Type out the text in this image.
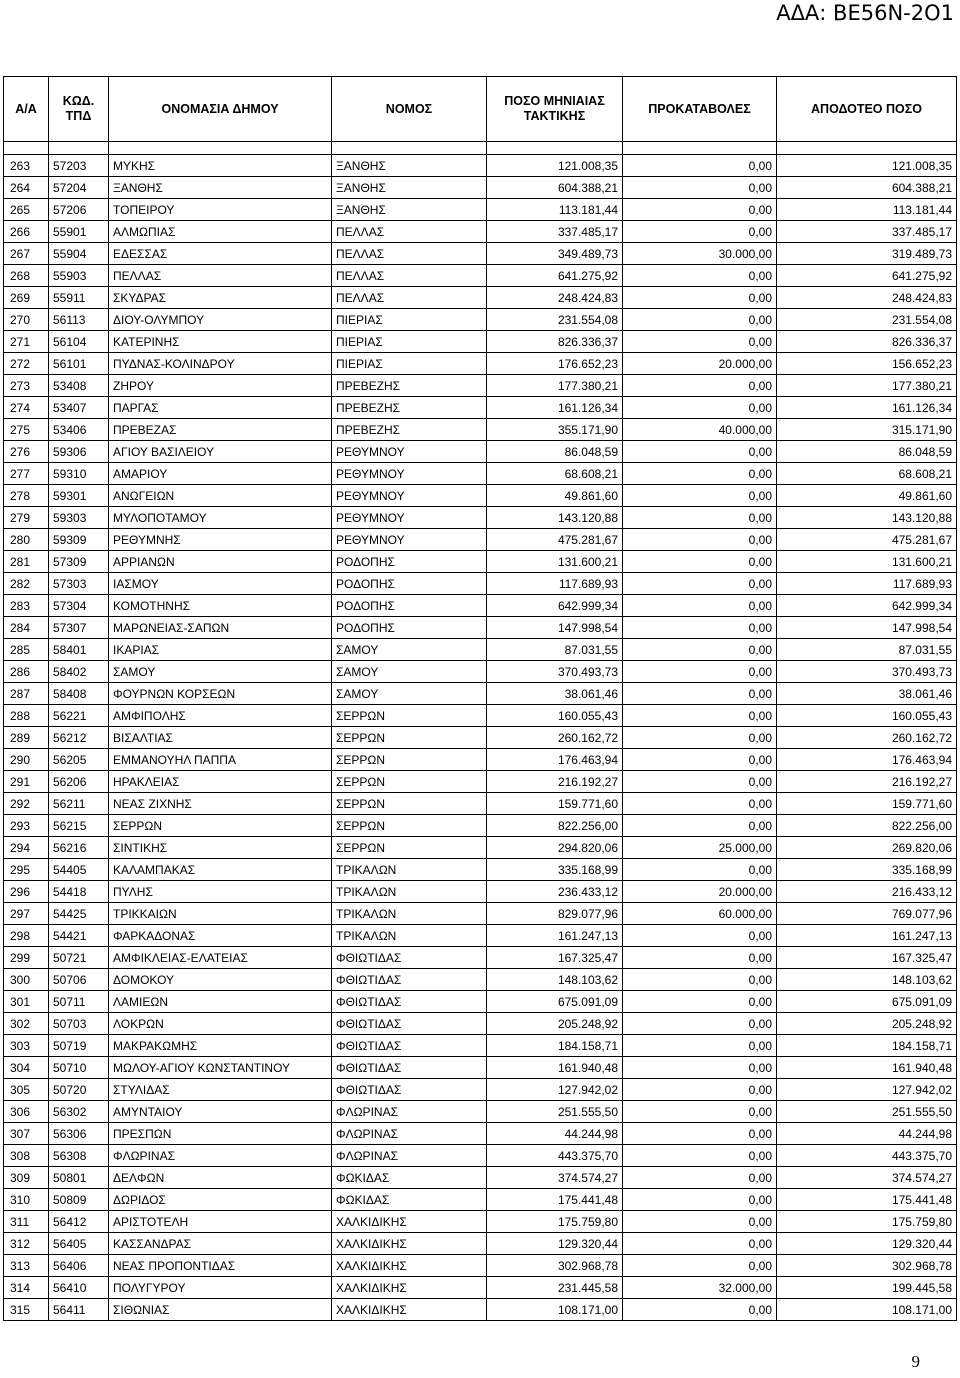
ΑΔΑ: ΒΕ56Ν-2Ο1
Α/Α	ΚΩΔ. ΤΠΔ	ΟΝΟΜΑΣΙΑ ΔΗΜΟΥ	ΝΟΜΟΣ	ΠΟΣΟ ΜΗΝΙΑΙΑΣ ΤΑΚΤΙΚΗΣ	ΠΡΟΚΑΤΑΒΟΛΕΣ	ΑΠΟΔΟΤΕΟ ΠΟΣΟ

263	57203	ΜΥΚΗΣ	ΞΑΝΘΗΣ	121.008,35	0,00	121.008,35
264	57204	ΞΑΝΘΗΣ	ΞΑΝΘΗΣ	604.388,21	0,00	604.388,21
265	57206	ΤΟΠΕΙΡΟΥ	ΞΑΝΘΗΣ	113.181,44	0,00	113.181,44
266	55901	ΑΛΜΩΠΙΑΣ	ΠΕΛΛΑΣ	337.485,17	0,00	337.485,17
267	55904	ΕΔΕΣΣΑΣ	ΠΕΛΛΑΣ	349.489,73	30.000,00	319.489,73
268	55903	ΠΕΛΛΑΣ	ΠΕΛΛΑΣ	641.275,92	0,00	641.275,92
269	55911	ΣΚΥΔΡΑΣ	ΠΕΛΛΑΣ	248.424,83	0,00	248.424,83
270	56113	ΔΙΟΥ-ΟΛΥΜΠΟΥ	ΠΙΕΡΙΑΣ	231.554,08	0,00	231.554,08
271	56104	ΚΑΤΕΡΙΝΗΣ	ΠΙΕΡΙΑΣ	826.336,37	0,00	826.336,37
272	56101	ΠΥΔΝΑΣ-ΚΟΛΙΝΔΡΟΥ	ΠΙΕΡΙΑΣ	176.652,23	20.000,00	156.652,23
273	53408	ΖΗΡΟΥ	ΠΡΕΒΕΖΗΣ	177.380,21	0,00	177.380,21
274	53407	ΠΑΡΓΑΣ	ΠΡΕΒΕΖΗΣ	161.126,34	0,00	161.126,34
275	53406	ΠΡΕΒΕΖΑΣ	ΠΡΕΒΕΖΗΣ	355.171,90	40.000,00	315.171,90
276	59306	ΑΓΙΟΥ ΒΑΣΙΛΕΙΟΥ	ΡΕΘΥΜΝΟΥ	86.048,59	0,00	86.048,59
277	59310	ΑΜΑΡΙΟΥ	ΡΕΘΥΜΝΟΥ	68.608,21	0,00	68.608,21
278	59301	ΑΝΩΓΕΙΩΝ	ΡΕΘΥΜΝΟΥ	49.861,60	0,00	49.861,60
279	59303	ΜΥΛΟΠΟΤΑΜΟΥ	ΡΕΘΥΜΝΟΥ	143.120,88	0,00	143.120,88
280	59309	ΡΕΘΥΜΝΗΣ	ΡΕΘΥΜΝΟΥ	475.281,67	0,00	475.281,67
281	57309	ΑΡΡΙΑΝΩΝ	ΡΟΔΟΠΗΣ	131.600,21	0,00	131.600,21
282	57303	ΙΑΣΜΟΥ	ΡΟΔΟΠΗΣ	117.689,93	0,00	117.689,93
283	57304	ΚΟΜΟΤΗΝΗΣ	ΡΟΔΟΠΗΣ	642.999,34	0,00	642.999,34
284	57307	ΜΑΡΩΝΕΙΑΣ-ΣΑΠΩΝ	ΡΟΔΟΠΗΣ	147.998,54	0,00	147.998,54
285	58401	ΙΚΑΡΙΑΣ	ΣΑΜΟΥ	87.031,55	0,00	87.031,55
286	58402	ΣΑΜΟΥ	ΣΑΜΟΥ	370.493,73	0,00	370.493,73
287	58408	ΦΟΥΡΝΩΝ ΚΟΡΣΕΩΝ	ΣΑΜΟΥ	38.061,46	0,00	38.061,46
288	56221	ΑΜΦΙΠΟΛΗΣ	ΣΕΡΡΩΝ	160.055,43	0,00	160.055,43
289	56212	ΒΙΣΑΛΤΙΑΣ	ΣΕΡΡΩΝ	260.162,72	0,00	260.162,72
290	56205	ΕΜΜΑΝΟΥΗΛ ΠΑΠΠΑ	ΣΕΡΡΩΝ	176.463,94	0,00	176.463,94
291	56206	ΗΡΑΚΛΕΙΑΣ	ΣΕΡΡΩΝ	216.192,27	0,00	216.192,27
292	56211	ΝΕΑΣ ΖΙΧΝΗΣ	ΣΕΡΡΩΝ	159.771,60	0,00	159.771,60
293	56215	ΣΕΡΡΩΝ	ΣΕΡΡΩΝ	822.256,00	0,00	822.256,00
294	56216	ΣΙΝΤΙΚΗΣ	ΣΕΡΡΩΝ	294.820,06	25.000,00	269.820,06
295	54405	ΚΑΛΑΜΠΑΚΑΣ	ΤΡΙΚΑΛΩΝ	335.168,99	0,00	335.168,99
296	54418	ΠΥΛΗΣ	ΤΡΙΚΑΛΩΝ	236.433,12	20.000,00	216.433,12
297	54425	ΤΡΙΚΚΑΙΩΝ	ΤΡΙΚΑΛΩΝ	829.077,96	60.000,00	769.077,96
298	54421	ΦΑΡΚΑΔΟΝΑΣ	ΤΡΙΚΑΛΩΝ	161.247,13	0,00	161.247,13
299	50721	ΑΜΦΙΚΛΕΙΑΣ-ΕΛΑΤΕΙΑΣ	ΦΘΙΩΤΙΔΑΣ	167.325,47	0,00	167.325,47
300	50706	ΔΟΜΟΚΟΥ	ΦΘΙΩΤΙΔΑΣ	148.103,62	0,00	148.103,62
301	50711	ΛΑΜΙΕΩΝ	ΦΘΙΩΤΙΔΑΣ	675.091,09	0,00	675.091,09
302	50703	ΛΟΚΡΩΝ	ΦΘΙΩΤΙΔΑΣ	205.248,92	0,00	205.248,92
303	50719	ΜΑΚΡΑΚΩΜΗΣ	ΦΘΙΩΤΙΔΑΣ	184.158,71	0,00	184.158,71
304	50710	ΜΩΛΟΥ-ΑΓΙΟΥ ΚΩΝΣΤΑΝΤΙΝΟΥ	ΦΘΙΩΤΙΔΑΣ	161.940,48	0,00	161.940,48
305	50720	ΣΤΥΛΙΔΑΣ	ΦΘΙΩΤΙΔΑΣ	127.942,02	0,00	127.942,02
306	56302	ΑΜΥΝΤΑΙΟΥ	ΦΛΩΡΙΝΑΣ	251.555,50	0,00	251.555,50
307	56306	ΠΡΕΣΠΩΝ	ΦΛΩΡΙΝΑΣ	44.244,98	0,00	44.244,98
308	56308	ΦΛΩΡΙΝΑΣ	ΦΛΩΡΙΝΑΣ	443.375,70	0,00	443.375,70
309	50801	ΔΕΛΦΩΝ	ΦΩΚΙΔΑΣ	374.574,27	0,00	374.574,27
310	50809	ΔΩΡΙΔΟΣ	ΦΩΚΙΔΑΣ	175.441,48	0,00	175.441,48
311	56412	ΑΡΙΣΤΟΤΕΛΗ	ΧΑΛΚΙΔΙΚΗΣ	175.759,80	0,00	175.759,80
312	56405	ΚΑΣΣΑΝΔΡΑΣ	ΧΑΛΚΙΔΙΚΗΣ	129.320,44	0,00	129.320,44
313	56406	ΝΕΑΣ ΠΡΟΠΟΝΤΙΔΑΣ	ΧΑΛΚΙΔΙΚΗΣ	302.968,78	0,00	302.968,78
314	56410	ΠΟΛΥΓΥΡΟΥ	ΧΑΛΚΙΔΙΚΗΣ	231.445,58	32.000,00	199.445,58
315	56411	ΣΙΘΩΝΙΑΣ	ΧΑΛΚΙΔΙΚΗΣ	108.171,00	0,00	108.171,00
9
